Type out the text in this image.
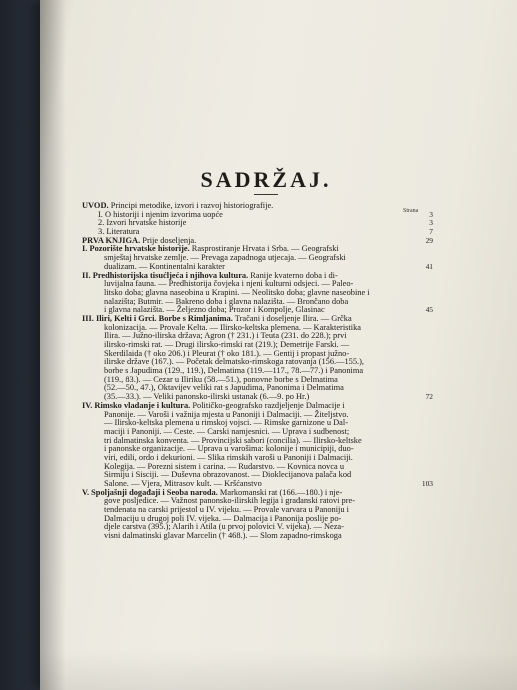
SADRŽAJ.
Strana
UVOD. Principi metodike, izvori i razvoj historiografije.
I. O historiji i njenim izvorima uopće	3
2. Izvori hrvatske historije	3
3. Literatura	7
PRVA KNJIGA. Prije doseljenja.	29
I. Pozorište hrvatske historije. Rasprostiranje Hrvata i Srba. — Geografski
smještaj hrvatske zemlje. — Prevaga zapadnoga utjecaja. — Geografski
dualizam. — Kontinentalni karakter	41
II. Predhistorijska tisućljeća i njihova kultura. Ranije kvaterno doba i di-
luvijalna fauna. — Predhistorija čovjeka i njeni kulturni odsjeci. — Paleo-
litsko doba; glavna naseobina u Krapini. — Neolitsko doba; glavne naseobine i
nalazišta; Butmir. — Bakreno doba i glavna nalazišta. — Brončano doba
i glavna nalazišta. — Željezno doba; Prozor i Kompolje, Glasinac	45
III. Iliri, Kelti i Grci. Borbe s Rimljanima. Tračani i doseljenje Ilira. — Grčka
kolonizacija. — Provale Kelta. — Ilirsko-keltska plemena. — Karakteristika
Ilira. — Južno-ilirska država; Agron († 231.) i Teuta (231. do 228.); prvi
ilirsko-rimski rat. — Drugi ilirsko-rimski rat (219.); Demetrije Farski. —
Skerdilaida († oko 206.) i Pleurat († oko 181.). — Gentij i propast južno-
ilirske države (167.). — Početak delmatsko-rimskoga ratovanja (156.—155.),
borbe s Japudima (129., 119.), Delmatima (119.—117., 78.—77.) i Panonima
(119., 83.). — Cezar u Iliriku (58.—51.), ponovne borbe s Delmatima
(52.—50., 47.), Oktavijev veliki rat s Japudima, Panonima i Delmatima
(35.—33.). — Veliki panonsko-ilirski ustanak (6.—9. po Hr.)	72
IV. Rimsko vladanje i kultura. Političko-geografsko razdjeljenje Dalmacije i
Panonije. — Varoši i važnija mjesta u Panoniji i Dalmaciji. — Žiteljstvo.
— Ilirsko-keltska plemena u rimskoj vojsci. — Rimske garnizone u Dal-
maciji i Panoniji. — Ceste. — Carski namjesnici. — Uprava i sudbenost;
tri dalmatinska konventa. — Provincijski sabori (concilia). — Ilirsko-keltske
i panonske organizacije. — Uprava u varošima: kolonije i municipiji, duo-
viri, edili, ordo i dekurioni. — Slika rimskih varoši u Panoniji i Dalmaciji.
Kolegija. — Porezni sistem i carina. — Rudarstvo. — Kovnica novca u
Sirmiju i Sisciji. — Duševna obrazovanost. — Dioklecijanova palača kod
Salone. — Vjera, Mitrasov kult. — Kršćanstvo	103
V. Spoljašnji događaji i Seoba naroda. Markomanski rat (166.—180.) i nje-
gove posljedice. — Važnost panonsko-ilirskih legija i građanski ratovi pre-
tendenata na carski prijestol u IV. vijeku. — Provale varvara u Panoniju i
Dalmaciju u drugoj poli IV. vijeka. — Dalmacija i Panonija poslije po-
djele carstva (395.); Alarih i Atila (u prvoj polovici V. vijeka). — Neza-
visni dalmatinski glavar Marcelin († 468.). — Slom zapadno-rimskoga
